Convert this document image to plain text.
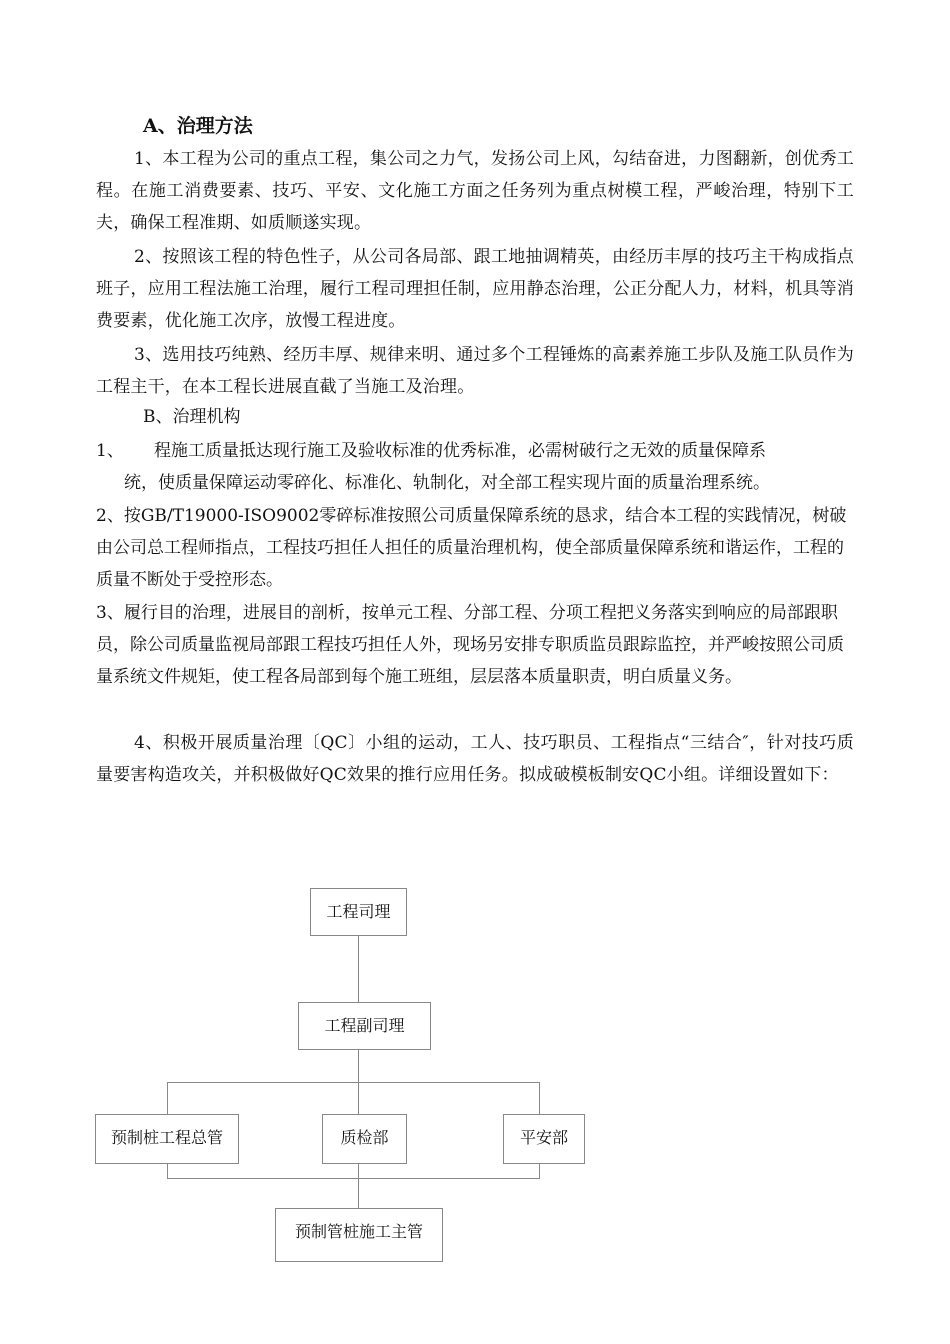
A、治理方法

1、本工程为公司的重点工程，集公司之力气，发扬公司上风，勾结奋进，力图翻新，创优秀工程。在施工消费要素、技巧、平安、文化施工方面之任务列为重点树模工程，严峻治理，特别下工夫，确保工程准期、如质顺遂实现。

2、按照该工程的特色性子，从公司各局部、跟工地抽调精英，由经历丰厚的技巧主干构成指点班子，应用工程法施工治理，履行工程司理担任制，应用静态治理，公正分配人力，材料，机具等消费要素，优化施工次序，放慢工程进度。

3、选用技巧纯熟、经历丰厚、规律来明、通过多个工程锤炼的高素养施工步队及施工队员作为工程主干，在本工程长进展直截了当施工及治理。

B、治理机构
1、 程施工质量抵达现行施工及验收标准的优秀标准，必需树破行之无效的质量保障系
统，使质量保障运动零碎化、标准化、轨制化，对全部工程实现片面的质量治理系统。

2、按GB/T19000-ISO9002零碎标准按照公司质量保障系统的恳求，结合本工程的实践情况，树破由公司总工程师指点，工程技巧担任人担任的质量治理机构，使全部质量保障系统和谐运作，工程的质量不断处于受控形态。

3、履行目的治理，进展目的剖析，按单元工程、分部工程、分项工程把义务落实到响应的局部跟职员，除公司质量监视局部跟工程技巧担任人外，现场另安排专职质监员跟踪监控，并严峻按照公司质量系统文件规矩，使工程各局部到每个施工班组，层层落本质量职责，明白质量义务。

4、积极开展质量治理〔QC〕小组的运动，工人、技巧职员、工程指点“三结合″，针对技巧质量要害构造攻关，并积极做好QC效果的推行应用任务。拟成破模板制安QC小组。详细设置如下：

工程司理
工程副司理
预制桩工程总管	质检部	平安部
预制管桩施工主管
